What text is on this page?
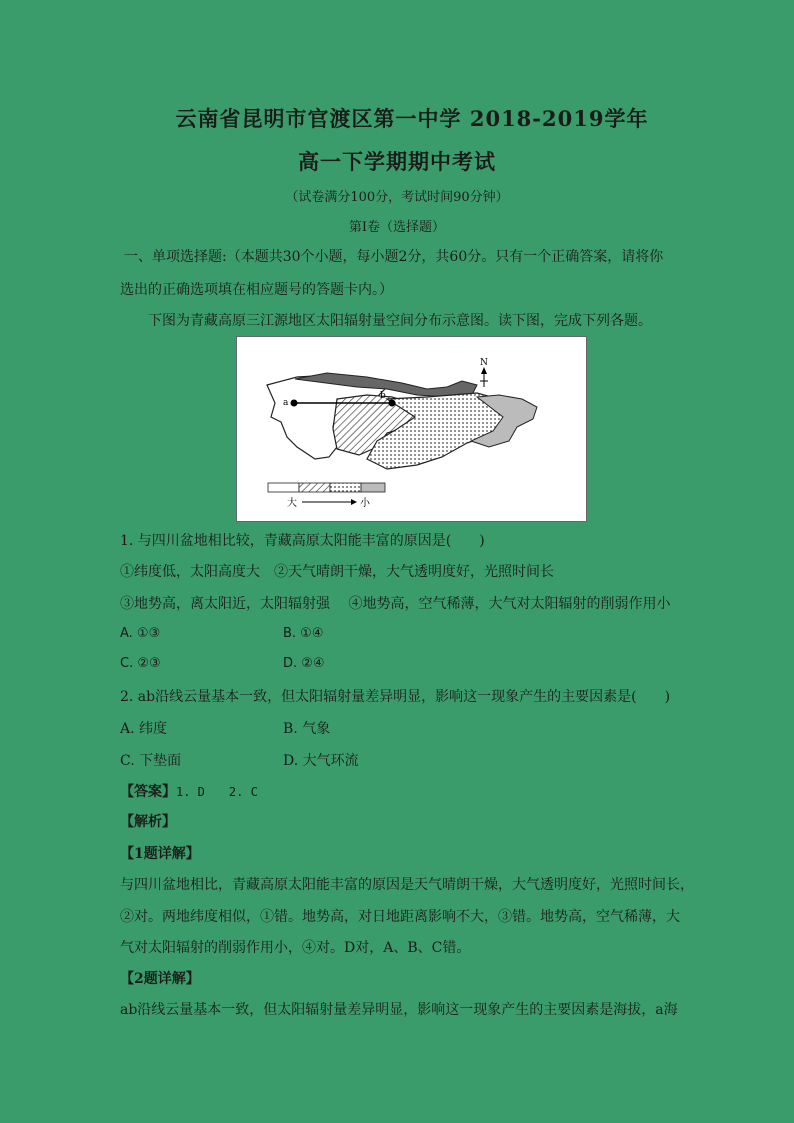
云南省昆明市官渡区第一中学 2018-2019学年
高一下学期期中考试
（试卷满分100分，考试时间90分钟）
第Ⅰ卷（选择题）
一、单项选择题:（本题共30个小题，每小题2分，共60分。只有一个正确答案，请将你
选出的正确选项填在相应题号的答题卡内。）
下图为青藏高原三江源地区太阳辐射量空间分布示意图。读下图，完成下列各题。
a
b
N
大	小
1. 与四川盆地相比较，青藏高原太阳能丰富的原因是(　　)
①纬度低，太阳高度大　②天气晴朗干燥，大气透明度好，光照时间长
③地势高，离太阳近，太阳辐射强　 ④地势高，空气稀薄，大气对太阳辐射的削弱作用小
A. ①③	B. ①④
C. ②③	D. ②④
2. ab沿线云量基本一致，但太阳辐射量差异明显，影响这一现象产生的主要因素是(　　)
A. 纬度	B. 气象
C. 下垫面	D. 大气环流
【答案】1. D　　2. C
【解析】
【1题详解】
与四川盆地相比，青藏高原太阳能丰富的原因是天气晴朗干燥，大气透明度好，光照时间长，
②对。两地纬度相似，①错。地势高，对日地距离影响不大，③错。地势高，空气稀薄，大
气对太阳辐射的削弱作用小，④对。D对，A、B、C错。
【2题详解】
ab沿线云量基本一致，但太阳辐射量差异明显，影响这一现象产生的主要因素是海拔，a海
